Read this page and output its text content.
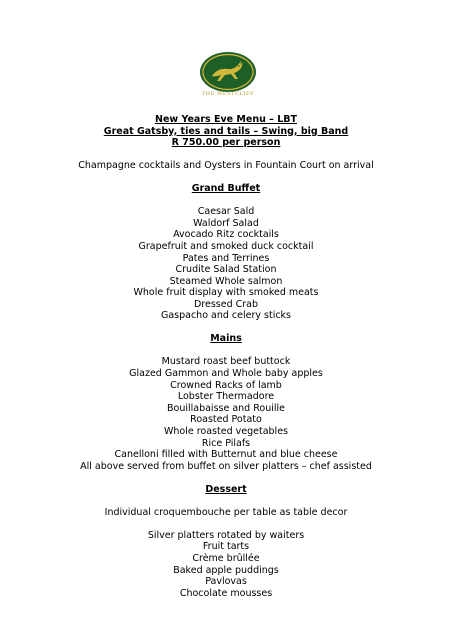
THE WESTCLIFF
New Years Eve Menu – LBT
Great Gatsby, ties and tails – Swing, big Band
R 750.00 per person
Champagne cocktails and Oysters in Fountain Court on arrival
Grand Buffet
Caesar Sald
Waldorf Salad
Avocado Ritz cocktails
Grapefruit and smoked duck cocktail
Pates and Terrines
Crudite Salad Station
Steamed Whole salmon
Whole fruit display with smoked meats
Dressed Crab
Gaspacho and celery sticks
Mains
Mustard roast beef buttock
Glazed Gammon and Whole baby apples
Crowned Racks of lamb
Lobster Thermadore
Bouillabaisse and Rouille
Roasted Potato
Whole roasted vegetables
Rice Pilafs
Canelloni filled with Butternut and blue cheese
All above served from buffet on silver platters – chef assisted
Dessert
Individual croquembouche per table as table decor
Silver platters rotated by waiters
Fruit tarts
Crème brûllée
Baked apple puddings
Pavlovas
Chocolate mousses
